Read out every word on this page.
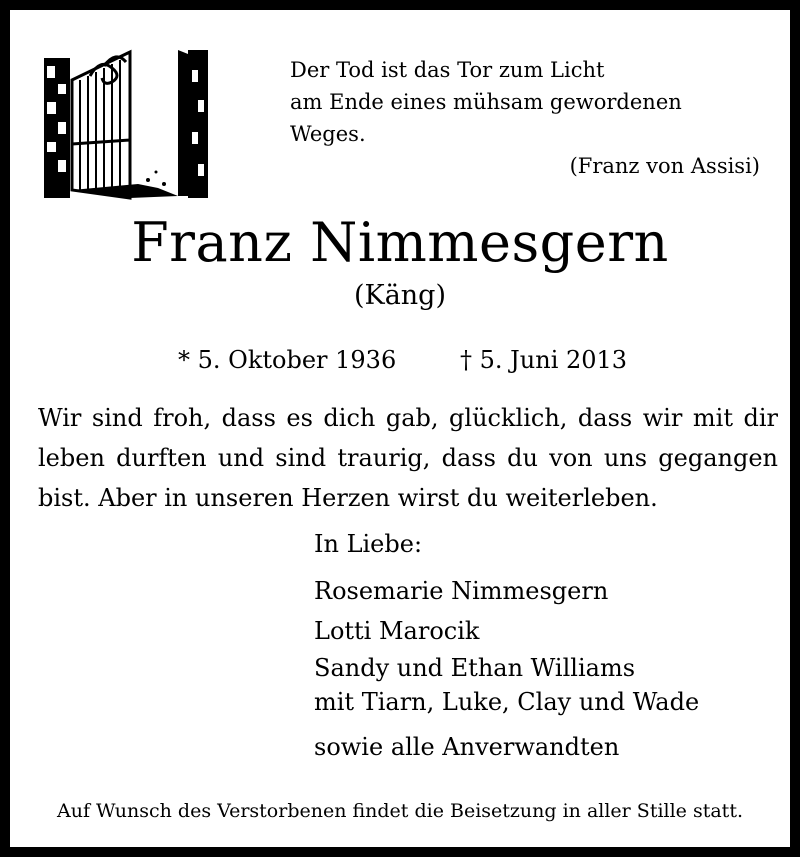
Der Tod ist das Tor zum Licht
am Ende eines mühsam gewordenen Weges.
(Franz von Assisi)
Franz Nimmesgern
(Käng)
* 5. Oktober 1936	† 5. Juni 2013
Wir sind froh, dass es dich gab, glücklich, dass wir mit dir leben durften und sind traurig, dass du von uns gegangen bist. Aber in unseren Herzen wirst du weiterleben.
In Liebe:
Rosemarie Nimmesgern
Lotti Marocik
Sandy und Ethan Williams
mit Tiarn, Luke, Clay und Wade
sowie alle Anverwandten
Auf Wunsch des Verstorbenen findet die Beisetzung in aller Stille statt.
